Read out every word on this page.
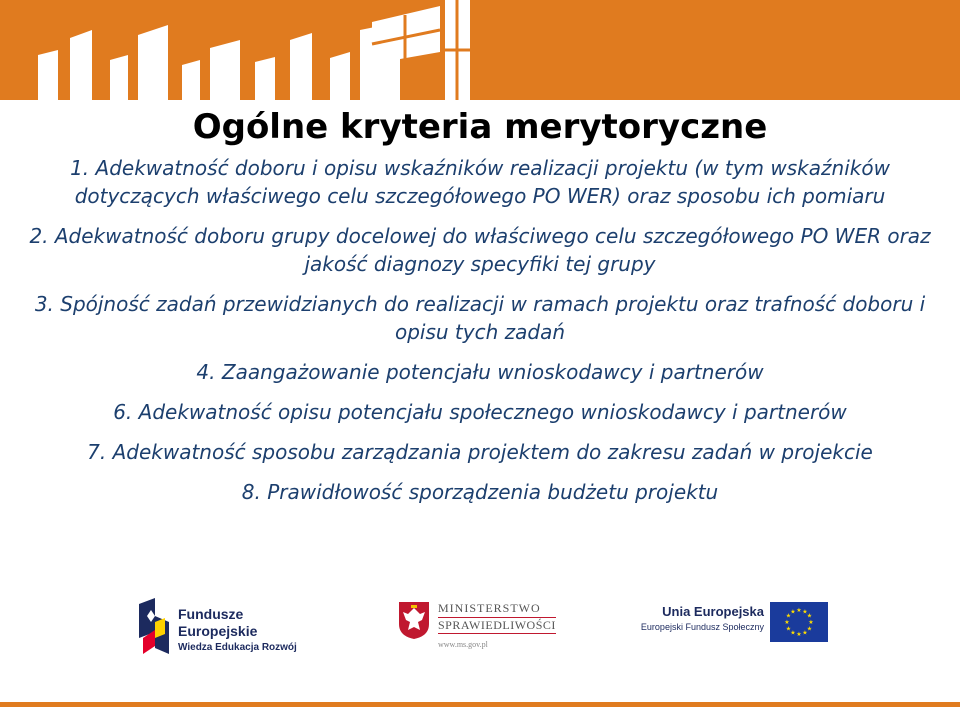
Ogólne kryteria merytoryczne

1. Adekwatność doboru i opisu wskaźników realizacji projektu (w tym wskaźników dotyczących właściwego celu szczegółowego PO WER) oraz sposobu ich pomiaru

2. Adekwatność doboru grupy docelowej do właściwego celu szczegółowego PO WER oraz jakość diagnozy specyfiki tej grupy

3. Spójność zadań przewidzianych do realizacji w ramach projektu oraz trafność doboru i opisu tych zadań

4. Zaangażowanie potencjału wnioskodawcy i partnerów

6. Adekwatność opisu potencjału społecznego wnioskodawcy i partnerów

7. Adekwatność sposobu zarządzania projektem do zakresu zadań w projekcie

8. Prawidłowość sporządzenia budżetu projektu

Fundusze
Europejskie
Wiedza Edukacja Rozwój
MINISTERSTWO
SPRAWIEDLIWOŚCI
www.ms.gov.pl
Unia Europejska
Europejski Fundusz Społeczny
★ ★
★
★
★
★
★
★
★
★
★
★
